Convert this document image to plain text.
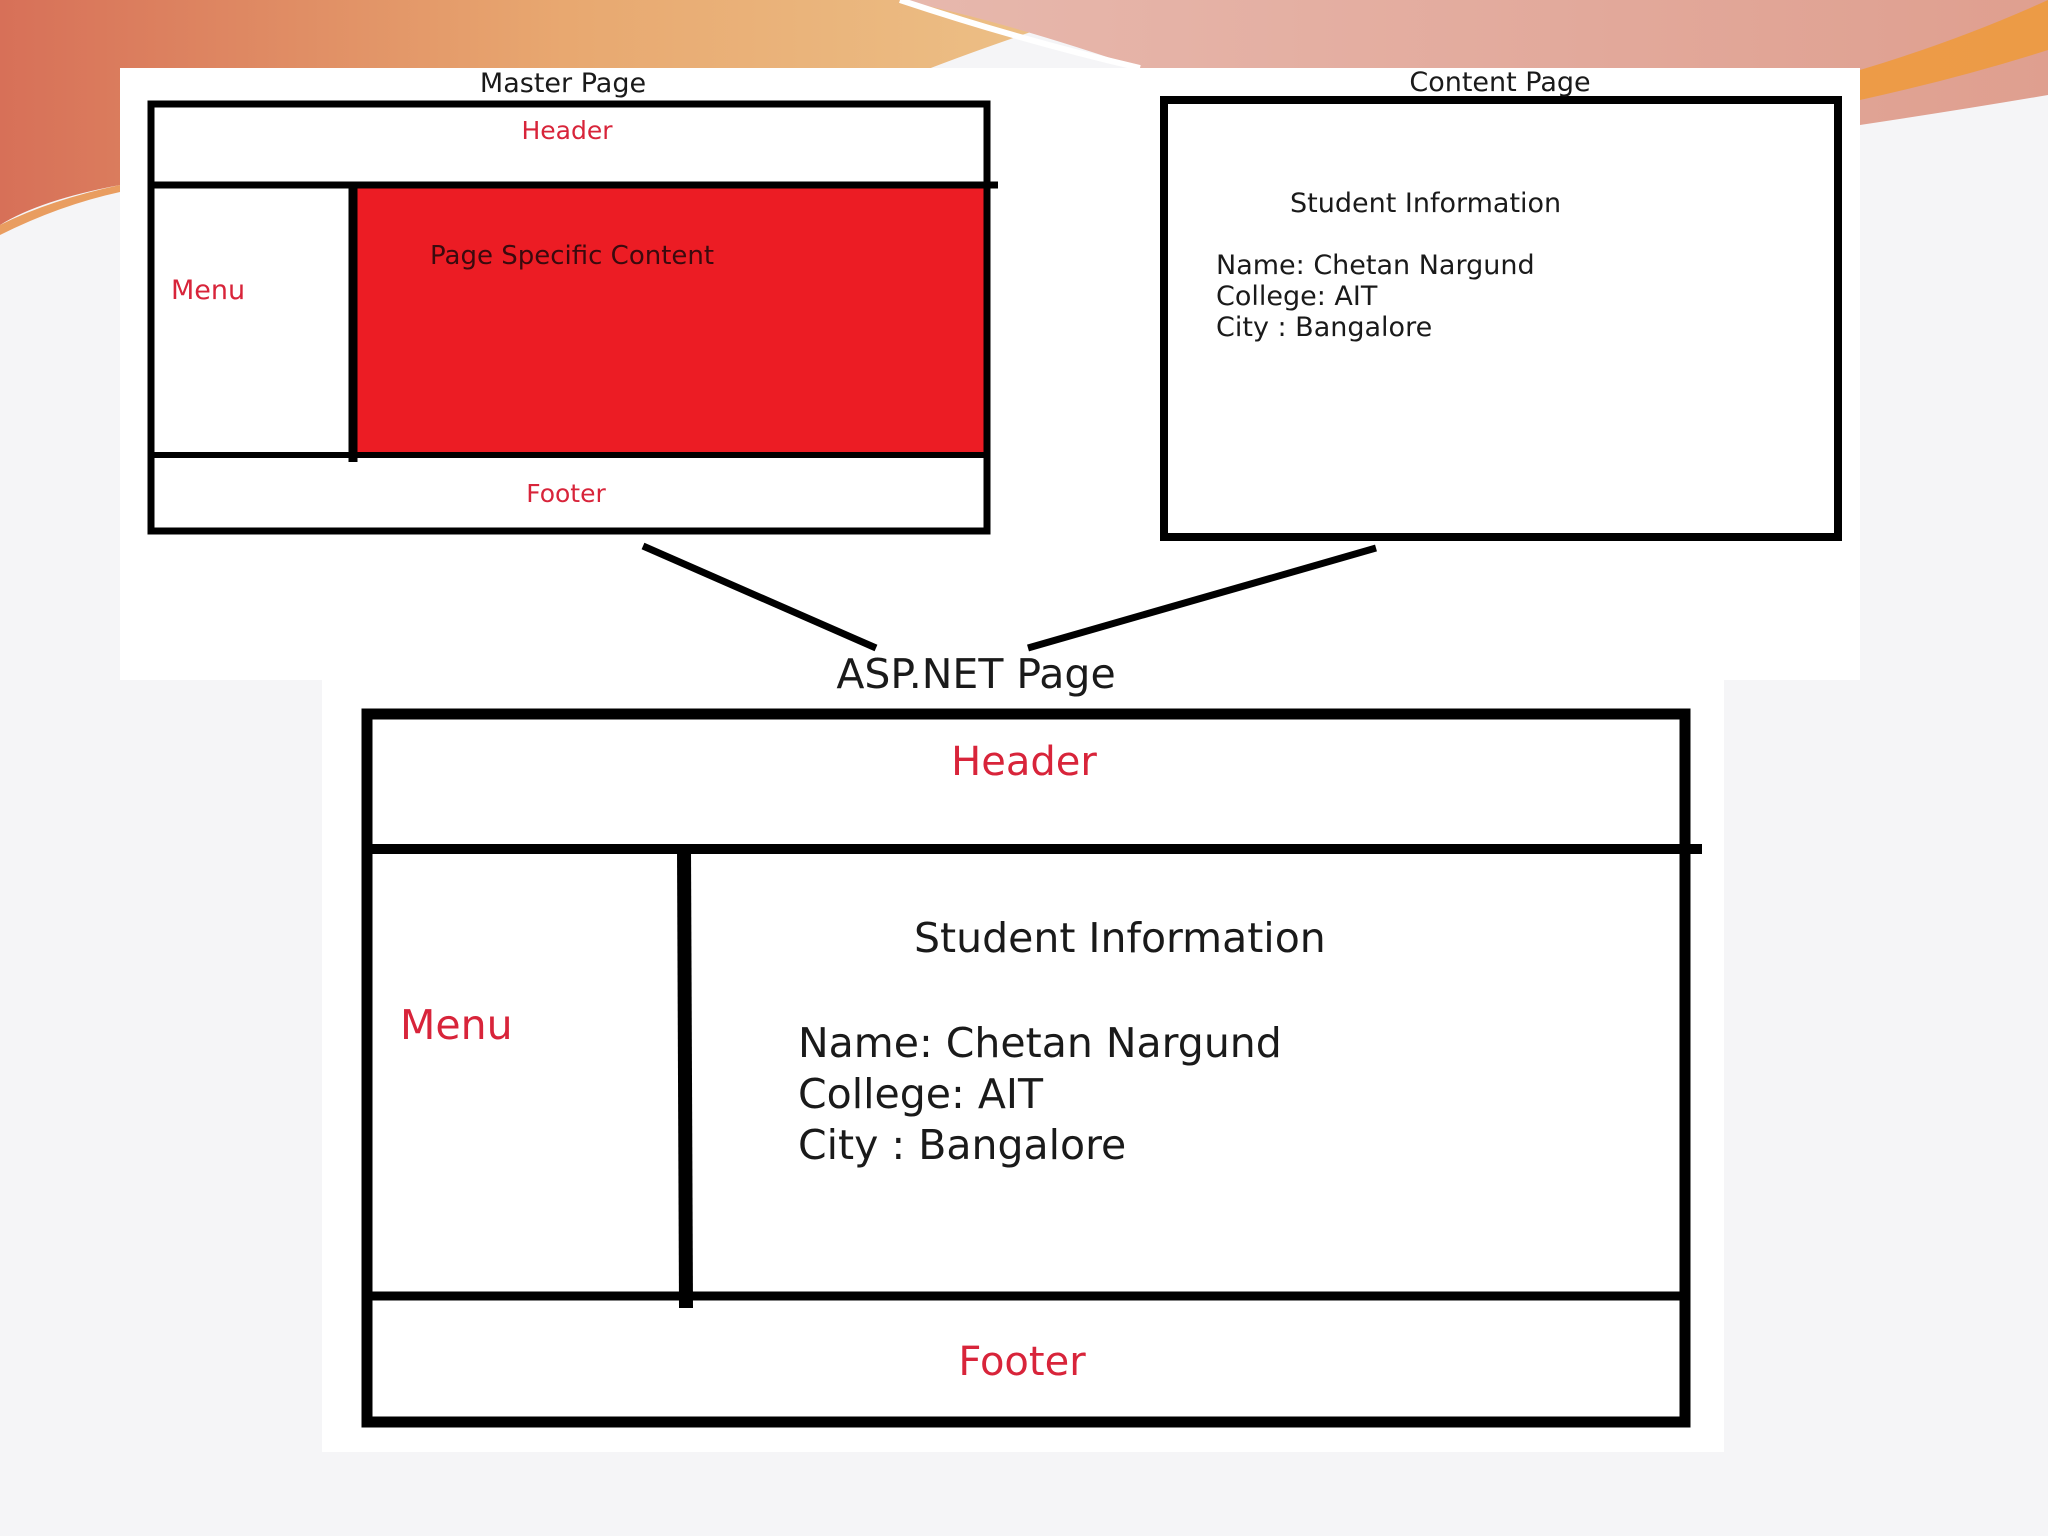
Master Page
Header
Menu
Page Specific Content
Footer
Content Page
Student Information
Name: Chetan Nargund
College: AIT
City : Bangalore
ASP.NET Page
Header
Menu
Student Information
Name: Chetan Nargund
College: AIT
City : Bangalore
Footer
